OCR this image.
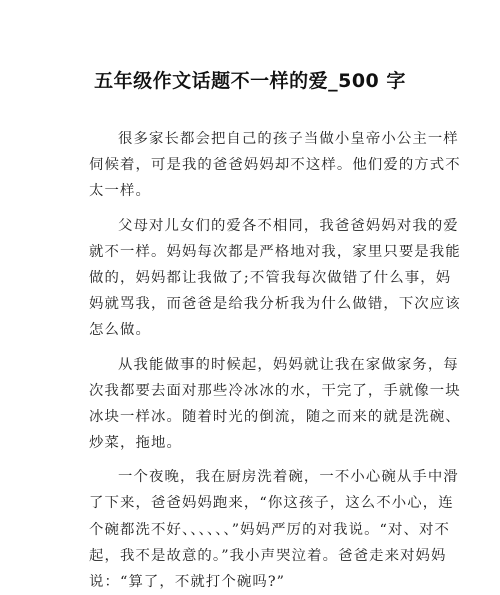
五年级作文话题不一样的爱_500 字
很多家长都会把自己的孩子当做小皇帝小公主一样
伺候着，可是我的爸爸妈妈却不这样。他们爱的方式不
太一样。
父母对儿女们的爱各不相同，我爸爸妈妈对我的爱
就不一样。妈妈每次都是严格地对我，家里只要是我能
做的，妈妈都让我做了;不管我每次做错了什么事，妈
妈就骂我，而爸爸是给我分析我为什么做错，下次应该
怎么做。
从我能做事的时候起，妈妈就让我在家做家务，每
次我都要去面对那些冷冰冰的水，干完了，手就像一块
冰块一样冰。随着时光的倒流，随之而来的就是洗碗、
炒菜，拖地。
一个夜晚，我在厨房洗着碗，一不小心碗从手中滑
了下来，爸爸妈妈跑来，“你这孩子，这么不小心，连
个碗都洗不好、、、、、、”妈妈严厉的对我说。“对、对不
起，我不是故意的。”我小声哭泣着。爸爸走来对妈妈
说：“算了，不就打个碗吗?”
